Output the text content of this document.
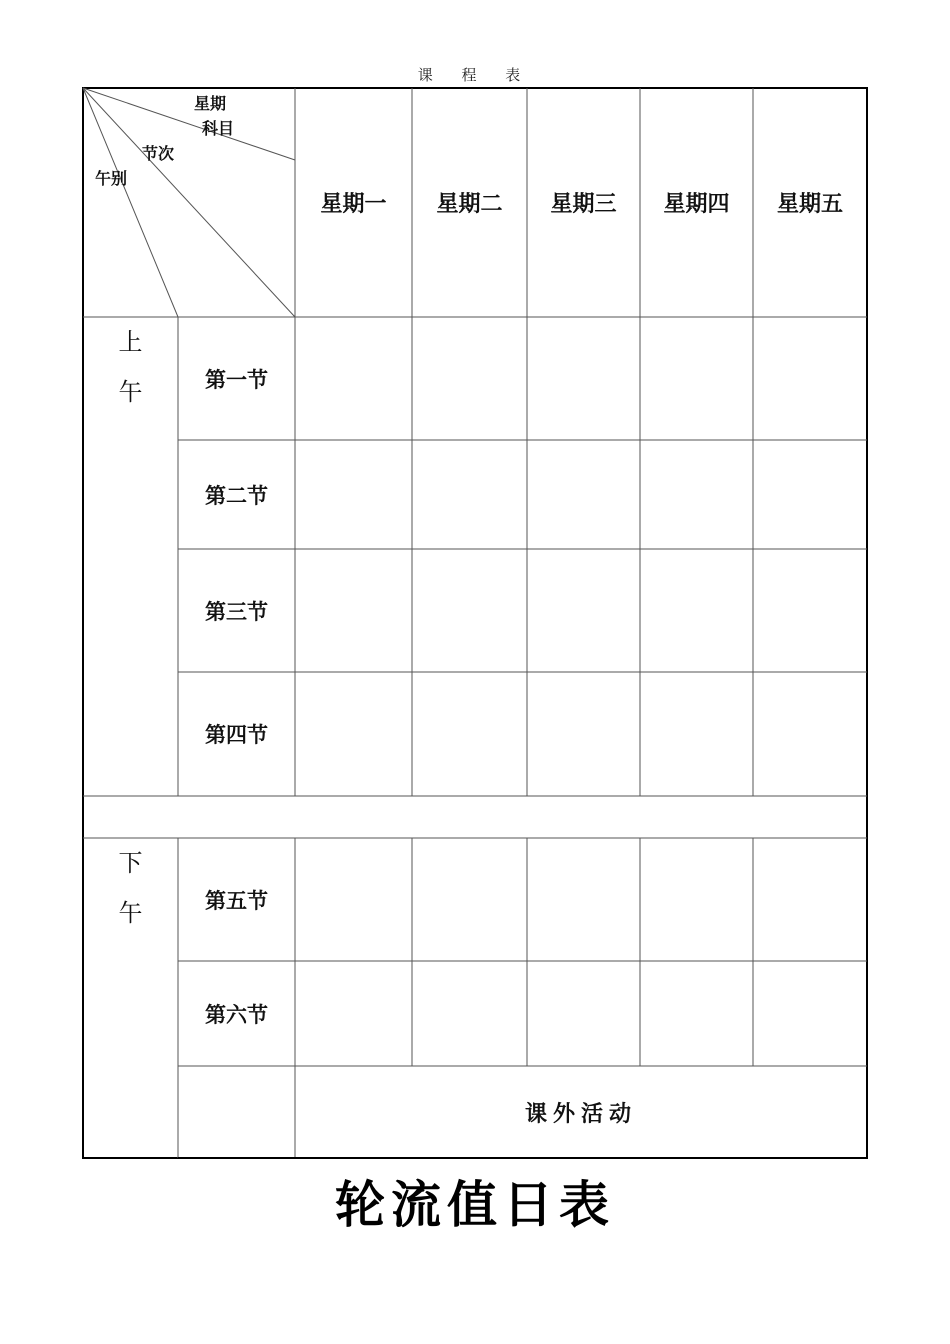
课 程 表
星期
科目
节次
午别
星期一	星期二	星期三	星期四	星期五
上
午	第一节
第二节
第三节
第四节
下
午	第五节
第六节
课外活动
轮流值日表
